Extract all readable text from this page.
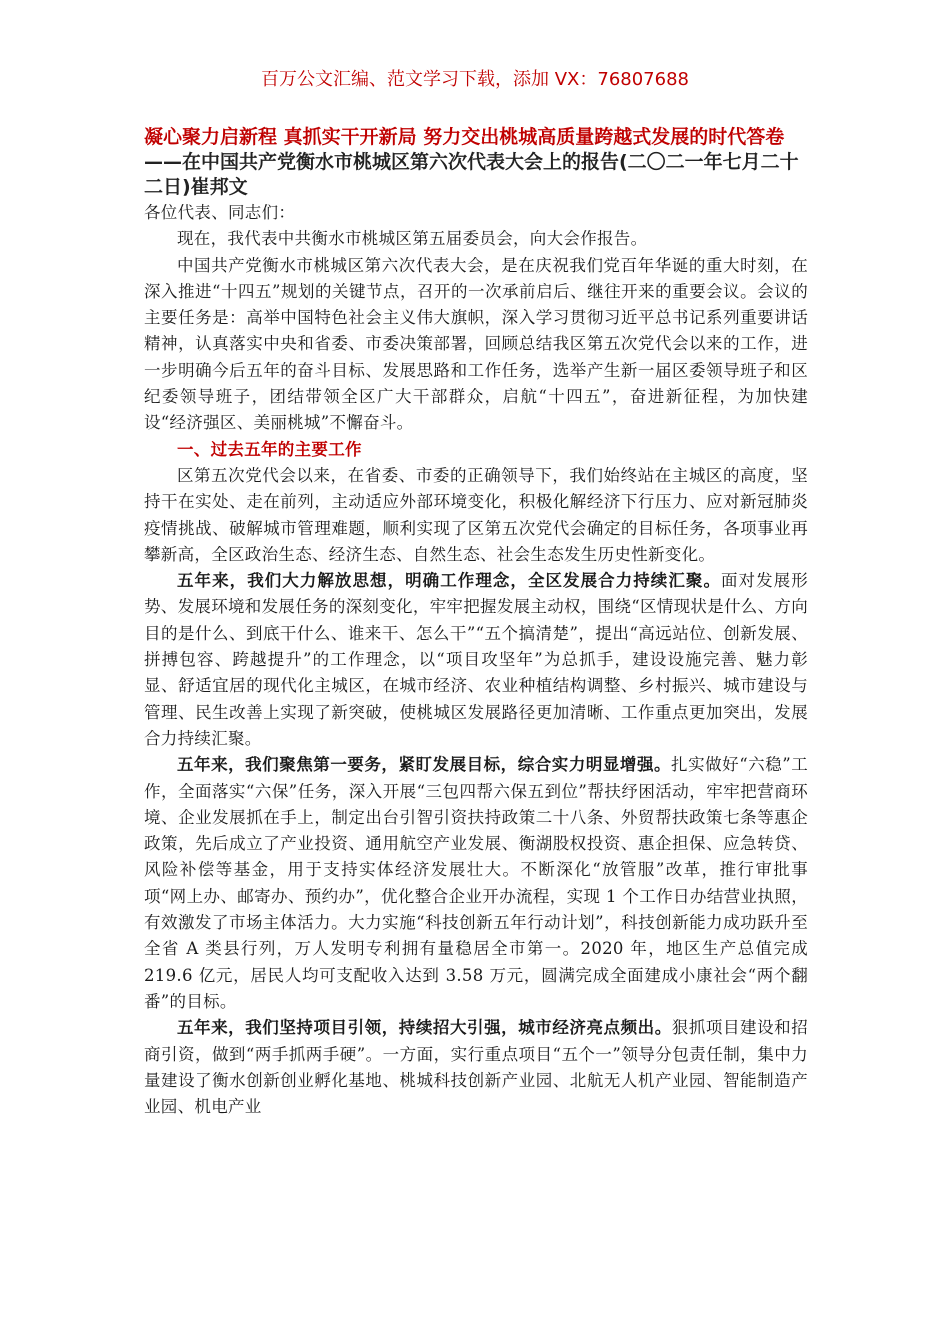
百万公文汇编、范文学习下载，添加 VX：76807688
凝心聚力启新程 真抓实干开新局 努力交出桃城高质量跨越式发展的时代答卷——在中国共产党衡水市桃城区第六次代表大会上的报告(二〇二一年七月二十二日)崔邦文

各位代表、同志们：

现在，我代表中共衡水市桃城区第五届委员会，向大会作报告。

中国共产党衡水市桃城区第六次代表大会，是在庆祝我们党百年华诞的重大时刻，在深入推进“十四五”规划的关键节点，召开的一次承前启后、继往开来的重要会议。会议的主要任务是：高举中国特色社会主义伟大旗帜，深入学习贯彻习近平总书记系列重要讲话精神，认真落实中央和省委、市委决策部署，回顾总结我区第五次党代会以来的工作，进一步明确今后五年的奋斗目标、发展思路和工作任务，选举产生新一届区委领导班子和区纪委领导班子，团结带领全区广大干部群众，启航“十四五”，奋进新征程，为加快建设“经济强区、美丽桃城”不懈奋斗。

一、过去五年的主要工作

区第五次党代会以来，在省委、市委的正确领导下，我们始终站在主城区的高度，坚持干在实处、走在前列，主动适应外部环境变化，积极化解经济下行压力、应对新冠肺炎疫情挑战、破解城市管理难题，顺利实现了区第五次党代会确定的目标任务，各项事业再攀新高，全区政治生态、经济生态、自然生态、社会生态发生历史性新变化。

五年来，我们大力解放思想，明确工作理念，全区发展合力持续汇聚。面对发展形势、发展环境和发展任务的深刻变化，牢牢把握发展主动权，围绕“区情现状是什么、方向目的是什么、到底干什么、谁来干、怎么干”“五个搞清楚”，提出“高远站位、创新发展、拼搏包容、跨越提升”的工作理念，以“项目攻坚年”为总抓手，建设设施完善、魅力彰显、舒适宜居的现代化主城区，在城市经济、农业种植结构调整、乡村振兴、城市建设与管理、民生改善上实现了新突破，使桃城区发展路径更加清晰、工作重点更加突出，发展合力持续汇聚。

五年来，我们聚焦第一要务，紧盯发展目标，综合实力明显增强。扎实做好“六稳”工作，全面落实“六保”任务，深入开展“三包四帮六保五到位”帮扶纾困活动，牢牢把营商环境、企业发展抓在手上，制定出台引智引资扶持政策二十八条、外贸帮扶政策七条等惠企政策，先后成立了产业投资、通用航空产业发展、衡湖股权投资、惠企担保、应急转贷、风险补偿等基金，用于支持实体经济发展壮大。不断深化“放管服”改革，推行审批事项“网上办、邮寄办、预约办”，优化整合企业开办流程，实现 1 个工作日办结营业执照，有效激发了市场主体活力。大力实施“科技创新五年行动计划”，科技创新能力成功跃升至全省 A 类县行列，万人发明专利拥有量稳居全市第一。2020 年，地区生产总值完成 219.6 亿元，居民人均可支配收入达到 3.58 万元，圆满完成全面建成小康社会“两个翻番”的目标。

五年来，我们坚持项目引领，持续招大引强，城市经济亮点频出。狠抓项目建设和招商引资，做到“两手抓两手硬”。一方面，实行重点项目“五个一”领导分包责任制，集中力量建设了衡水创新创业孵化基地、桃城科技创新产业园、北航无人机产业园、智能制造产业园、机电产业
